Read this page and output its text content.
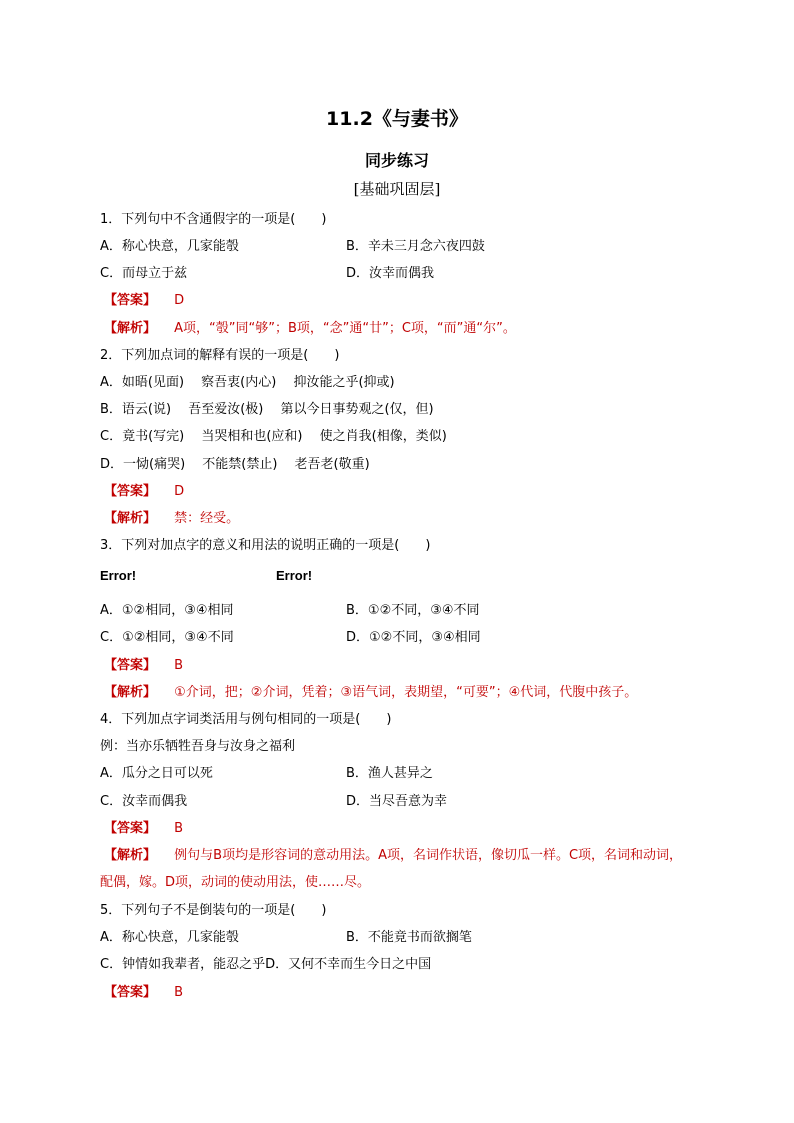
11.2《与妻书》
同步练习
[基础巩固层]
1．下列句中不含通假字的一项是(　　)
A．称心快意，几家能彀	B．辛未三月念六夜四鼓
C．而母立于兹	D．汝幸而偶我
【答案】 D
【解析】 A项，“彀”同“够”；B项，“念”通“廿”；C项，“而”通“尔”。
2．下列加点词的解释有误的一项是(　　)
A．如晤(见面)　 察吾衷(内心)　 抑汝能之乎(抑或)
B．语云(说)　 吾至爱汝(极)　 第以今日事势观之(仅，但)
C．竟书(写完)　 当哭相和也(应和)　 使之肖我(相像，类似)
D．一恸(痛哭)　 不能禁(禁止)　 老吾老(敬重)
【答案】 D
【解析】 禁：经受。
3．下列对加点字的意义和用法的说明正确的一项是(　　)
Error!	Error!
A．①②相同，③④相同	B．①②不同，③④不同
C．①②相同，③④不同	D．①②不同，③④相同
【答案】 B
【解析】 ①介词，把；②介词，凭着；③语气词，表期望，“可要”；④代词，代腹中孩子。
4．下列加点字词类活用与例句相同的一项是(　　)
例：当亦乐牺牲吾身与汝身之福利
A．瓜分之日可以死	B．渔人甚异之
C．汝幸而偶我	D．当尽吾意为幸
【答案】 B
【解析】 例句与B项均是形容词的意动用法。A项，名词作状语，像切瓜一样。C项，名词和动词，
配偶，嫁。D项，动词的使动用法，使……尽。
5．下列句子不是倒装句的一项是(　　)
A．称心快意，几家能彀	B．不能竟书而欲搁笔
C．钟情如我辈者，能忍之乎D．又何不幸而生今日之中国
【答案】 B
